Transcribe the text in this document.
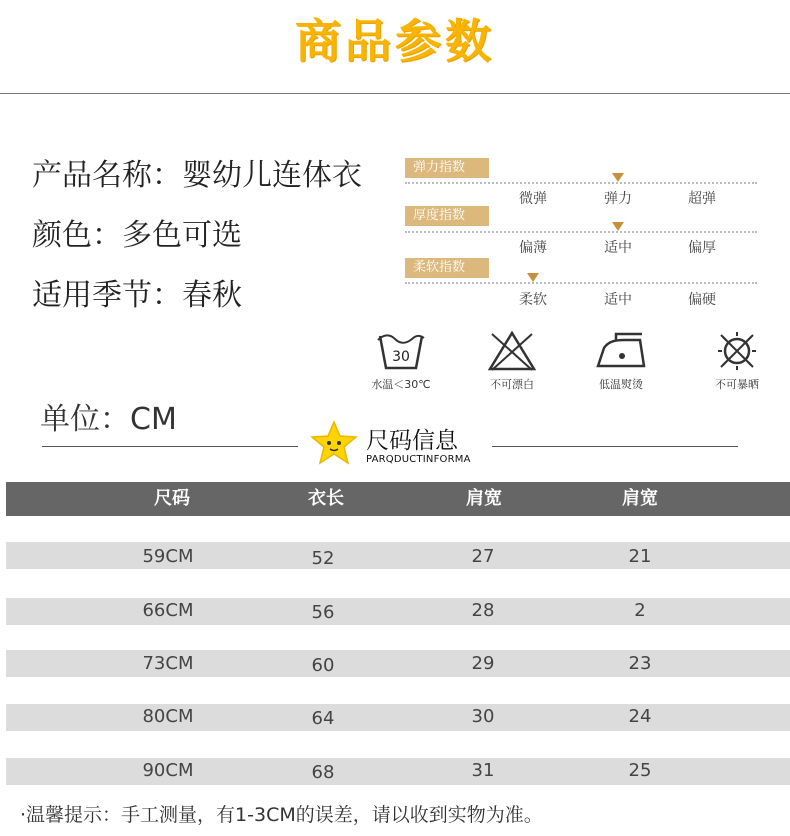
商品参数
产品名称：婴幼儿连体衣
颜色：多色可选
适用季节：春秋
弹力指数
微弹	弹力	超弹
厚度指数
偏薄	适中	偏厚
柔软指数
柔软	适中	偏硬
30
水温＜30℃	不可漂白	低温熨烫	不可暴晒
单位：CM
尺码信息
PARQDUCTINFORMA
尺码	衣长	肩宽	肩宽
59CM	52	27	21
66CM	56	28	2
73CM	60	29	23
80CM	64	30	24
90CM	68	31	25
·温馨提示：手工测量，有1-3CM的误差，请以收到实物为准。
